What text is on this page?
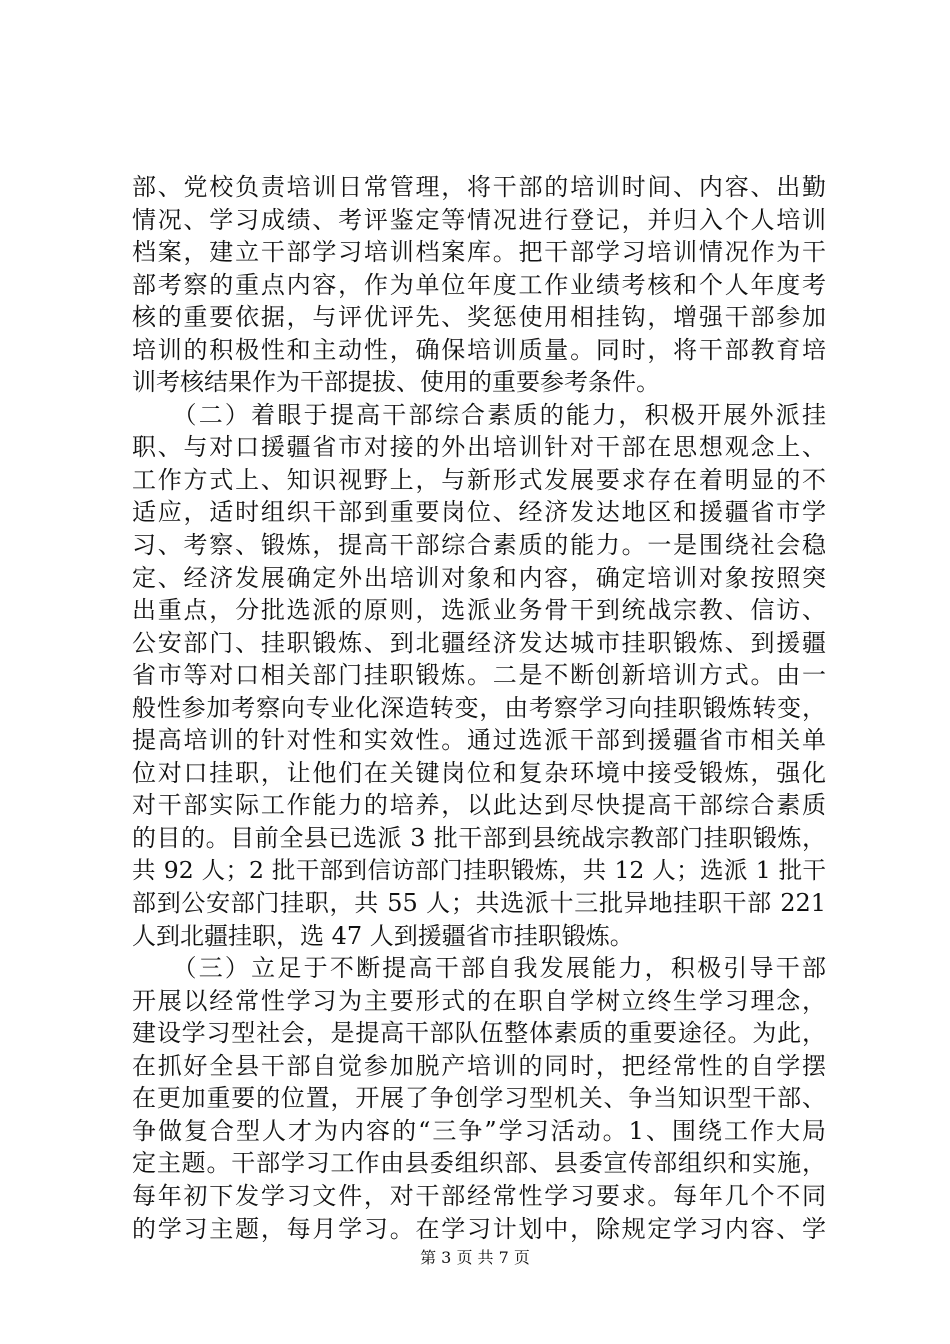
部、党校负责培训日常管理，将干部的培训时间、内容、出勤
情况、学习成绩、考评鉴定等情况进行登记，并归入个人培训
档案，建立干部学习培训档案库。把干部学习培训情况作为干
部考察的重点内容，作为单位年度工作业绩考核和个人年度考
核的重要依据，与评优评先、奖惩使用相挂钩，增强干部参加
培训的积极性和主动性，确保培训质量。同时，将干部教育培
训考核结果作为干部提拔、使用的重要参考条件。
　　（二）着眼于提高干部综合素质的能力，积极开展外派挂
职、与对口援疆省市对接的外出培训针对干部在思想观念上、
工作方式上、知识视野上，与新形式发展要求存在着明显的不
适应，适时组织干部到重要岗位、经济发达地区和援疆省市学
习、考察、锻炼，提高干部综合素质的能力。一是围绕社会稳
定、经济发展确定外出培训对象和内容，确定培训对象按照突
出重点，分批选派的原则，选派业务骨干到统战宗教、信访、
公安部门、挂职锻炼、到北疆经济发达城市挂职锻炼、到援疆
省市等对口相关部门挂职锻炼。二是不断创新培训方式。由一
般性参加考察向专业化深造转变，由考察学习向挂职锻炼转变，
提高培训的针对性和实效性。通过选派干部到援疆省市相关单
位对口挂职，让他们在关键岗位和复杂环境中接受锻炼，强化
对干部实际工作能力的培养，以此达到尽快提高干部综合素质
的目的。目前全县已选派 3 批干部到县统战宗教部门挂职锻炼，
共 92 人；2 批干部到信访部门挂职锻炼，共 12 人；选派 1 批干
部到公安部门挂职，共 55 人；共选派十三批异地挂职干部 221
人到北疆挂职，选 47 人到援疆省市挂职锻炼。
　　（三）立足于不断提高干部自我发展能力，积极引导干部
开展以经常性学习为主要形式的在职自学树立终生学习理念，
建设学习型社会，是提高干部队伍整体素质的重要途径。为此，
在抓好全县干部自觉参加脱产培训的同时，把经常性的自学摆
在更加重要的位置，开展了争创学习型机关、争当知识型干部、
争做复合型人才为内容的“三争”学习活动。1、围绕工作大局
定主题。干部学习工作由县委组织部、县委宣传部组织和实施，
每年初下发学习文件，对干部经常性学习要求。每年几个不同
的学习主题，每月学习。在学习计划中，除规定学习内容、学
第 3 页 共 7 页
